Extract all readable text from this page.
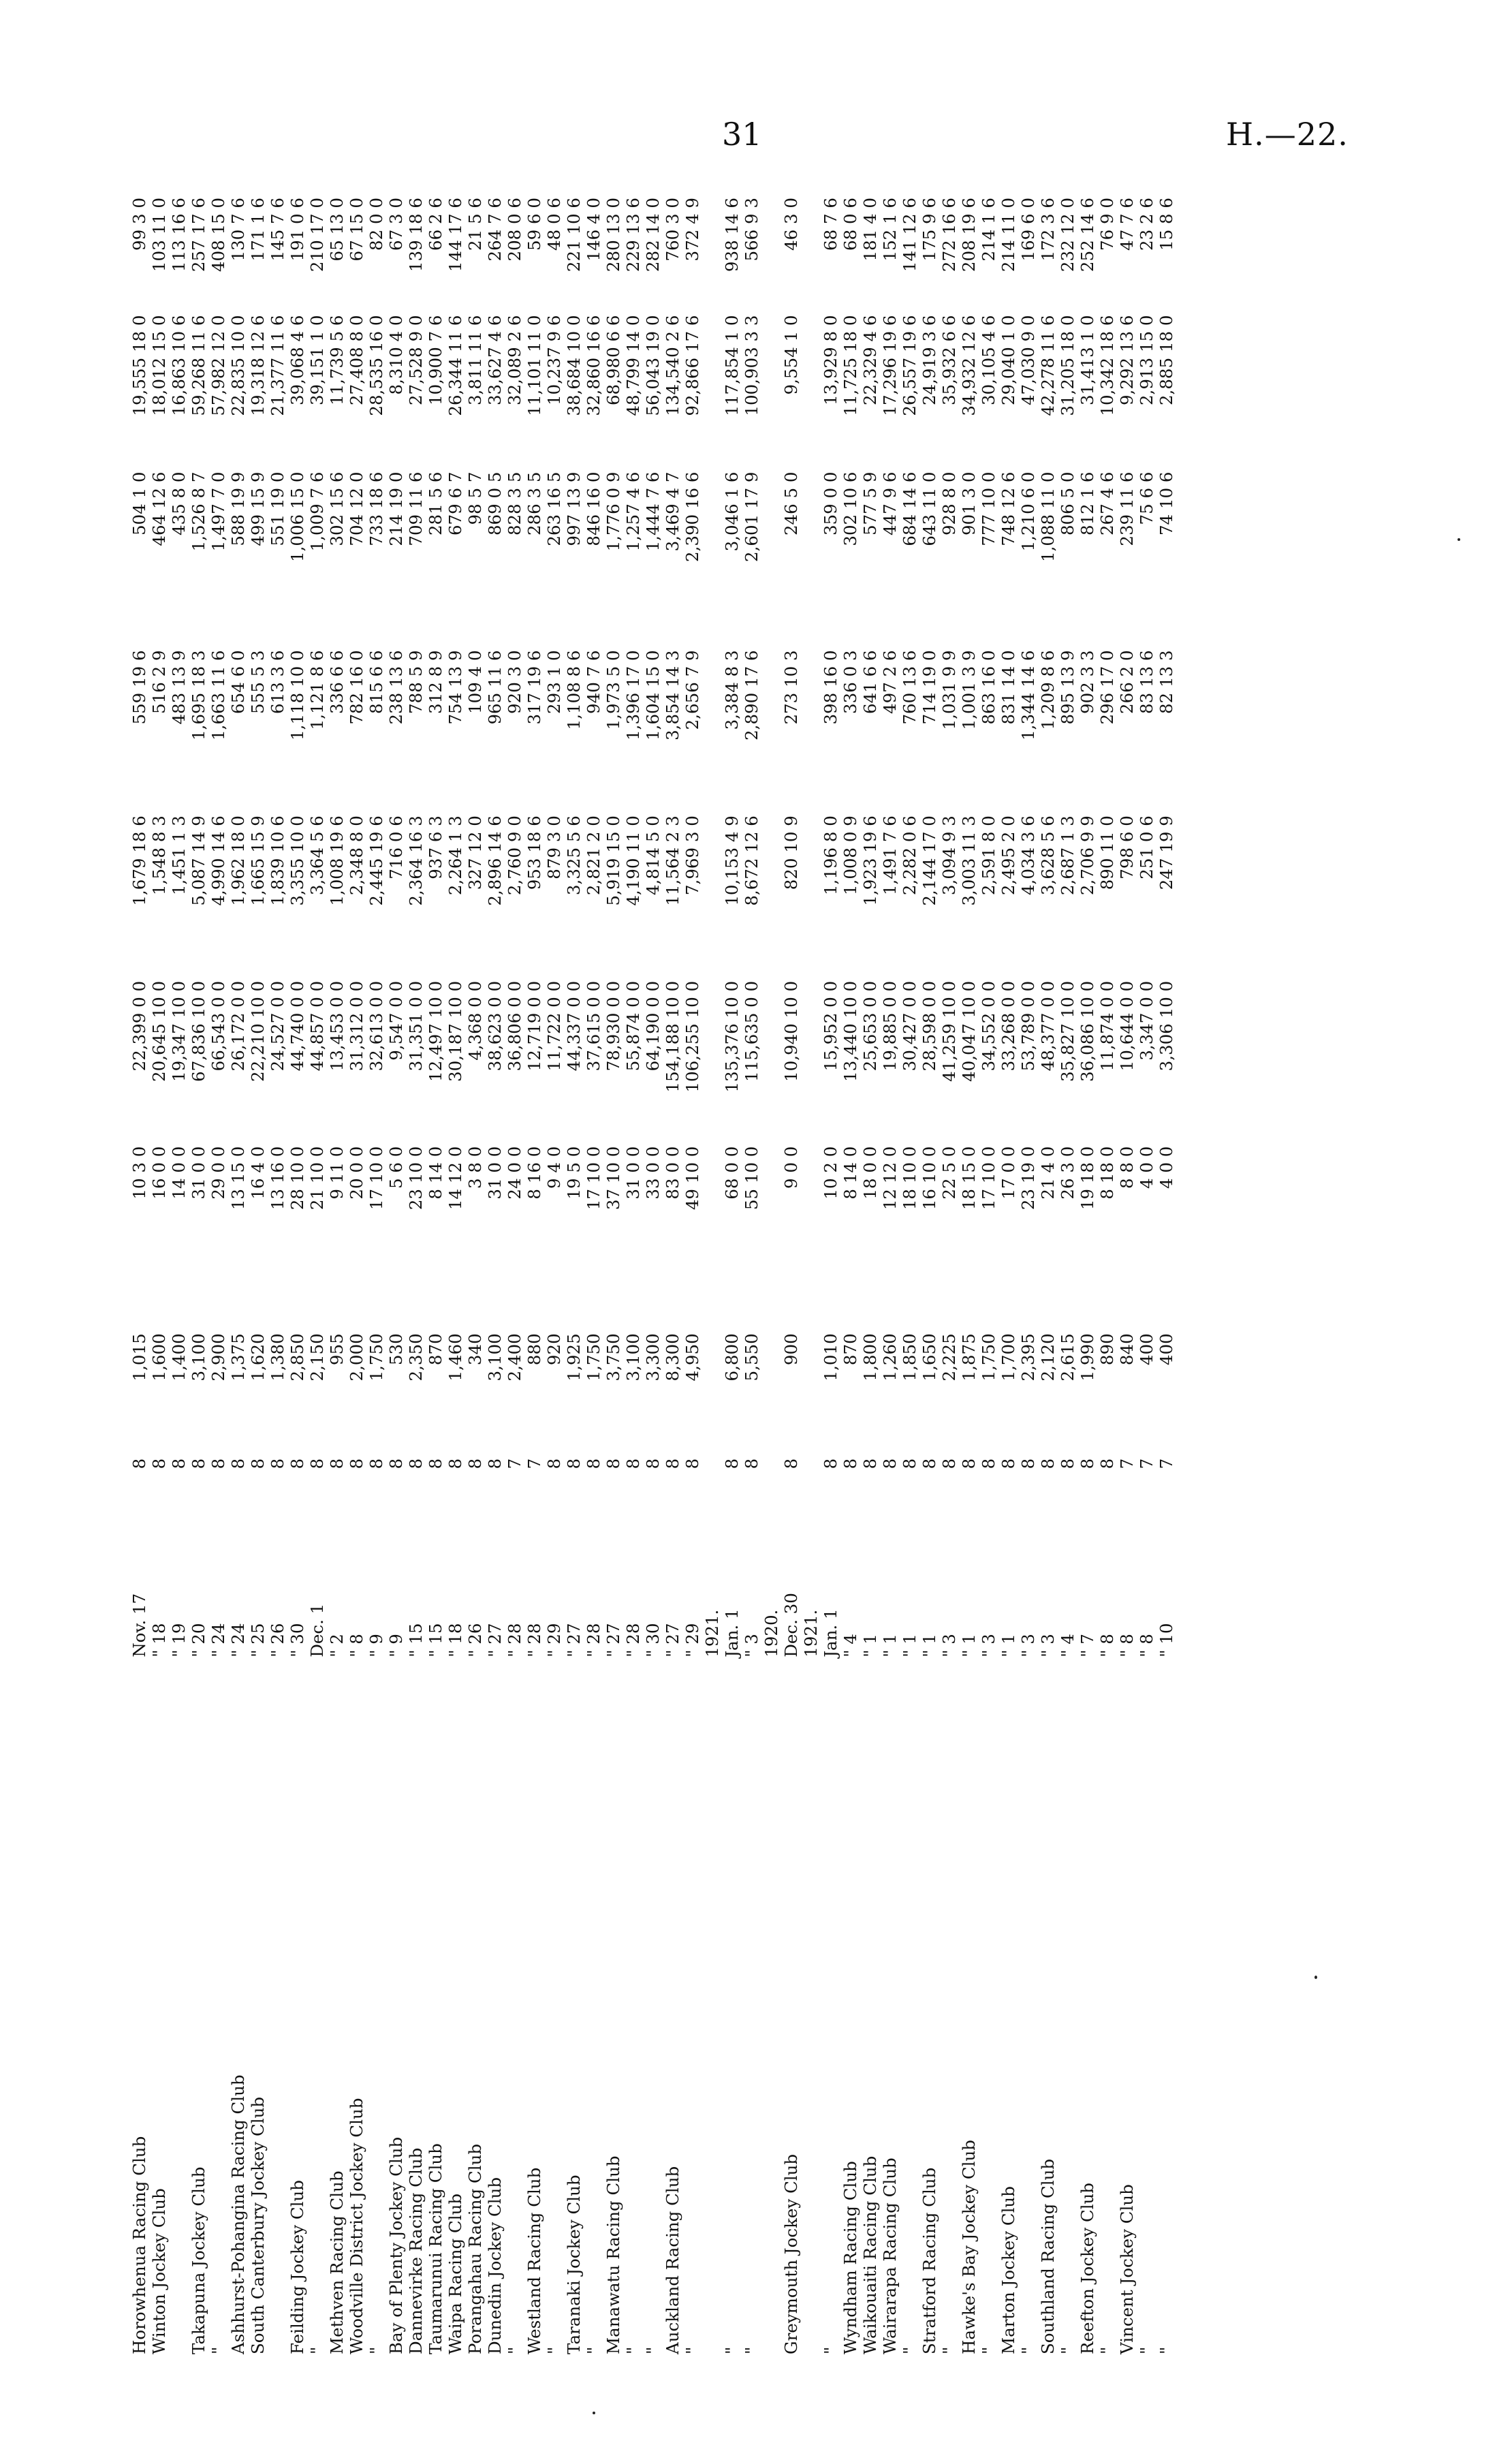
31	H.—22.
Horowhenua Racing Club	Nov. 17	8	1,015	10 3 0	22,399 0 0	1,679 18 6	559 19 6	504 1 0	19,555 18 0	99 3 0
Winton Jockey Club	" 18	8	1,600	16 0 0	20,645 10 0	1,548 8 3	516 2 9	464 12 6	18,012 15 0	103 11 0
	" 19	8	1,400	14 0 0	19,347 10 0	1,451 1 3	483 13 9	435 8 0	16,863 10 6	113 16 6
Takapuna Jockey Club	" 20	8	3,100	31 0 0	67,836 10 0	5,087 14 9	1,695 18 3	1,526 8 7	59,268 11 6	257 17 6
"	" 24	8	2,900	29 0 0	66,543 0 0	4,990 14 6	1,663 11 6	1,497 7 0	57,982 12 0	408 15 0
Ashhurst-Pohangina Racing Club	" 24	8	1,375	13 15 0	26,172 0 0	1,962 18 0	654 6 0	588 19 9	22,835 10 0	130 7 6
South Canterbury Jockey Club	" 25	8	1,620	16 4 0	22,210 10 0	1,665 15 9	555 5 3	499 15 9	19,318 12 6	171 1 6
	" 26	8	1,380	13 16 0	24,527 0 0	1,839 10 6	613 3 6	551 19 0	21,377 11 6	145 7 6
Feilding Jockey Club	" 30	8	2,850	28 10 0	44,740 0 0	3,355 10 0	1,118 10 0	1,006 15 0	39,068 4 6	191 0 6
"	Dec. 1	8	2,150	21 10 0	44,857 0 0	3,364 5 6	1,121 8 6	1,009 7 6	39,151 1 0	210 17 0
Methven Racing Club	" 2	8	955	9 11 0	13,453 0 0	1,008 19 6	336 6 6	302 15 6	11,739 5 6	65 13 0
Woodville District Jockey Club	" 8	8	2,000	20 0 0	31,312 0 0	2,348 8 0	782 16 0	704 12 0	27,408 8 0	67 15 0
"	" 9	8	1,750	17 10 0	32,613 0 0	2,445 19 6	815 6 6	733 18 6	28,535 16 0	82 0 0
Bay of Plenty Jockey Club	" 9	8	530	5 6 0	9,547 0 0	716 0 6	238 13 6	214 19 0	8,310 4 0	67 3 0
Dannevirke Racing Club	" 15	8	2,350	23 10 0	31,351 0 0	2,364 16 3	788 5 9	709 11 6	27,528 9 0	139 18 6
Taumarunui Racing Club	" 15	8	870	8 14 0	12,497 10 0	937 6 3	312 8 9	281 5 6	10,900 7 6	66 2 6
Waipa Racing Club	" 18	8	1,460	14 12 0	30,187 10 0	2,264 1 3	754 13 9	679 6 7	26,344 11 6	144 17 6
Porangahau Racing Club	" 26	8	340	3 8 0	4,368 0 0	327 12 0	109 4 0	98 5 7	3,811 11 6	21 5 6
Dunedin Jockey Club	" 27	8	3,100	31 0 0	38,623 0 0	2,896 14 6	965 11 6	869 0 5	33,627 4 6	264 7 6
"	" 28	7	2,400	24 0 0	36,806 0 0	2,760 9 0	920 3 0	828 3 5	32,089 2 6	208 0 6
Westland Racing Club	" 28	7	880	8 16 0	12,719 0 0	953 18 6	317 19 6	286 3 5	11,101 11 0	59 6 0
"	" 29	8	920	9 4 0	11,722 0 0	879 3 0	293 1 0	263 16 5	10,237 9 6	48 0 6
Taranaki Jockey Club	" 27	8	1,925	19 5 0	44,337 0 0	3,325 5 6	1,108 8 6	997 13 9	38,684 10 0	221 10 6
"	" 28	8	1,750	17 10 0	37,615 0 0	2,821 2 0	940 7 6	846 16 0	32,860 16 6	146 4 0
Manawatu Racing Club	" 27	8	3,750	37 10 0	78,930 0 0	5,919 15 0	1,973 5 0	1,776 0 9	68,980 6 6	280 13 0
"	" 28	8	3,100	31 0 0	55,874 0 0	4,190 11 0	1,396 17 0	1,257 4 6	48,799 14 0	229 13 6
"	" 30	8	3,300	33 0 0	64,190 0 0	4,814 5 0	1,604 15 0	1,444 7 6	56,043 19 0	282 14 0
Auckland Racing Club	" 27	8	8,300	83 0 0	154,188 10 0	11,564 2 3	3,854 14 3	3,469 4 7	134,540 2 6	760 3 0
"	" 29	8	4,950	49 10 0	106,255 10 0	7,969 3 0	2,656 7 9	2,390 16 6	92,866 17 6	372 4 9
	1921.									
"	Jan. 1	8	6,800	68 0 0	135,376 10 0	10,153 4 9	3,384 8 3	3,046 1 6	117,854 1 0	938 14 6
"	" 3	8	5,550	55 10 0	115,635 0 0	8,672 12 6	2,890 17 6	2,601 17 9	100,903 3 3	566 9 3
	1920.									
Greymouth Jockey Club	Dec. 30	8	900	9 0 0	10,940 10 0	820 10 9	273 10 3	246 5 0	9,554 1 0	46 3 0
	1921.									
"	Jan. 1	8	1,010	10 2 0	15,952 0 0	1,196 8 0	398 16 0	359 0 0	13,929 8 0	68 7 6
Wyndham Racing Club	" 4	8	870	8 14 0	13,440 10 0	1,008 0 9	336 0 3	302 10 6	11,725 18 0	68 0 6
Waikouaiti Racing Club	" 1	8	1,800	18 0 0	25,653 0 0	1,923 19 6	641 6 6	577 5 9	22,329 4 6	181 4 0
Wairarapa Racing Club	" 1	8	1,260	12 12 0	19,885 0 0	1,491 7 6	497 2 6	447 9 6	17,296 19 6	152 1 6
"	" 1	8	1,850	18 10 0	30,427 0 0	2,282 0 6	760 13 6	684 14 6	26,557 19 6	141 12 6
Stratford Racing Club	" 1	8	1,650	16 10 0	28,598 0 0	2,144 17 0	714 19 0	643 11 0	24,919 3 6	175 9 6
"	" 3	8	2,225	22 5 0	41,259 10 0	3,094 9 3	1,031 9 9	928 8 0	35,932 6 6	272 16 6
Hawke's Bay Jockey Club	" 1	8	1,875	18 15 0	40,047 10 0	3,003 11 3	1,001 3 9	901 3 0	34,932 12 6	208 19 6
"	" 3	8	1,750	17 10 0	34,552 0 0	2,591 8 0	863 16 0	777 10 0	30,105 4 6	214 1 6
Marton Jockey Club	" 1	8	1,700	17 0 0	33,268 0 0	2,495 2 0	831 14 0	748 12 6	29,040 1 0	214 11 0
"	" 3	8	2,395	23 19 0	53,789 0 0	4,034 3 6	1,344 14 6	1,210 6 0	47,030 9 0	169 6 0
Southland Racing Club	" 3	8	2,120	21 4 0	48,377 0 0	3,628 5 6	1,209 8 6	1,088 11 0	42,278 11 6	172 3 6
"	" 4	8	2,615	26 3 0	35,827 10 0	2,687 1 3	895 13 9	806 5 0	31,205 18 0	232 12 0
Reefton Jockey Club	" 7	8	1,990	19 18 0	36,086 10 0	2,706 9 9	902 3 3	812 1 6	31,413 1 0	252 14 6
"	" 8	8	890	8 18 0	11,874 0 0	890 11 0	296 17 0	267 4 6	10,342 18 6	76 9 0
Vincent Jockey Club	" 8	7	840	8 8 0	10,644 0 0	798 6 0	266 2 0	239 11 6	9,292 13 6	47 7 6
"	" 8	7	400	4 0 0	3,347 0 0	251 0 6	83 13 6	75 6 6	2,913 15 0	23 2 6
"	" 10	7	400	4 0 0	3,306 10 0	247 19 9	82 13 3	74 10 6	2,885 18 0	15 8 6
